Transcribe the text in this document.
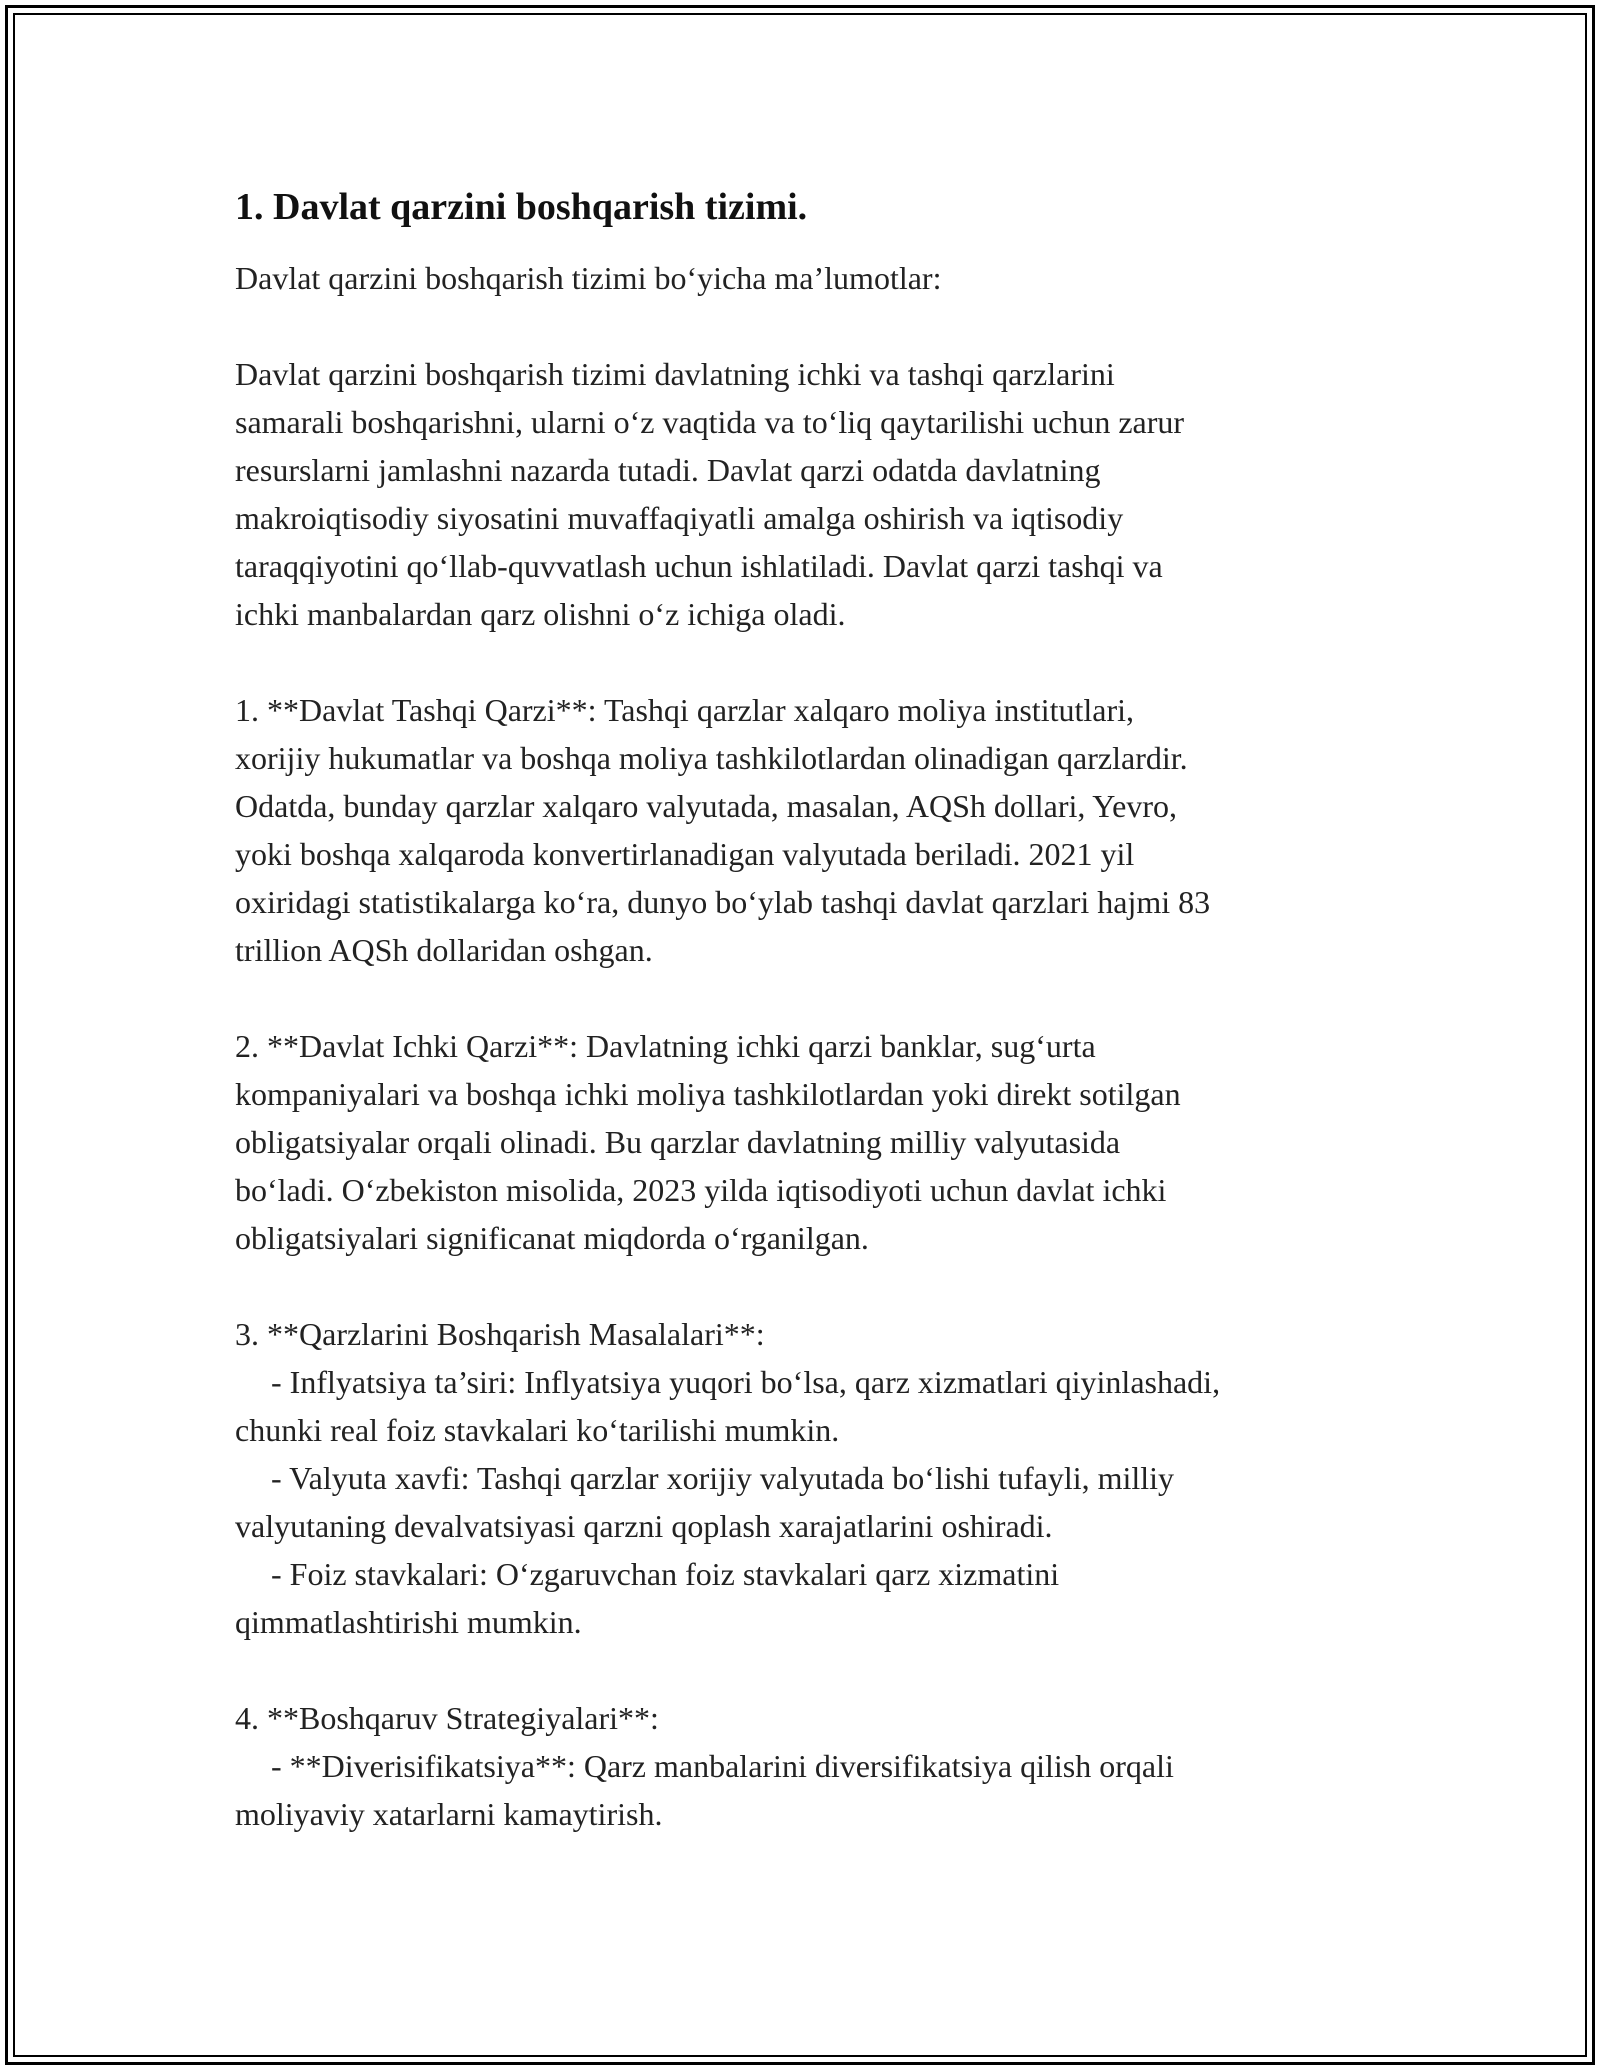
1. Davlat qarzini boshqarish tizimi.

Davlat qarzini boshqarish tizimi bo‘yicha ma’lumotlar:

Davlat qarzini boshqarish tizimi davlatning ichki va tashqi qarzlarini
samarali boshqarishni, ularni o‘z vaqtida va to‘liq qaytarilishi uchun zarur
resurslarni jamlashni nazarda tutadi. Davlat qarzi odatda davlatning
makroiqtisodiy siyosatini muvaffaqiyatli amalga oshirish va iqtisodiy
taraqqiyotini qo‘llab-quvvatlash uchun ishlatiladi. Davlat qarzi tashqi va
ichki manbalardan qarz olishni o‘z ichiga oladi.
1. **Davlat Tashqi Qarzi**: Tashqi qarzlar xalqaro moliya institutlari,
xorijiy hukumatlar va boshqa moliya tashkilotlardan olinadigan qarzlardir.
Odatda, bunday qarzlar xalqaro valyutada, masalan, AQSh dollari, Yevro,
yoki boshqa xalqaroda konvertirlanadigan valyutada beriladi. 2021 yil
oxiridagi statistikalarga ko‘ra, dunyo bo‘ylab tashqi davlat qarzlari hajmi 83
trillion AQSh dollaridan oshgan.
2. **Davlat Ichki Qarzi**: Davlatning ichki qarzi banklar, sug‘urta
kompaniyalari va boshqa ichki moliya tashkilotlardan yoki direkt sotilgan
obligatsiyalar orqali olinadi. Bu qarzlar davlatning milliy valyutasida
bo‘ladi. O‘zbekiston misolida, 2023 yilda iqtisodiyoti uchun davlat ichki
obligatsiyalari significanat miqdorda o‘rganilgan.
3. **Qarzlarini Boshqarish Masalalari**:
- Inflyatsiya ta’siri: Inflyatsiya yuqori bo‘lsa, qarz xizmatlari qiyinlashadi,
chunki real foiz stavkalari ko‘tarilishi mumkin.
- Valyuta xavfi: Tashqi qarzlar xorijiy valyutada bo‘lishi tufayli, milliy
valyutaning devalvatsiyasi qarzni qoplash xarajatlarini oshiradi.
- Foiz stavkalari: O‘zgaruvchan foiz stavkalari qarz xizmatini
qimmatlashtirishi mumkin.
4. **Boshqaruv Strategiyalari**:
- **Diverisifikatsiya**: Qarz manbalarini diversifikatsiya qilish orqali
moliyaviy xatarlarni kamaytirish.
